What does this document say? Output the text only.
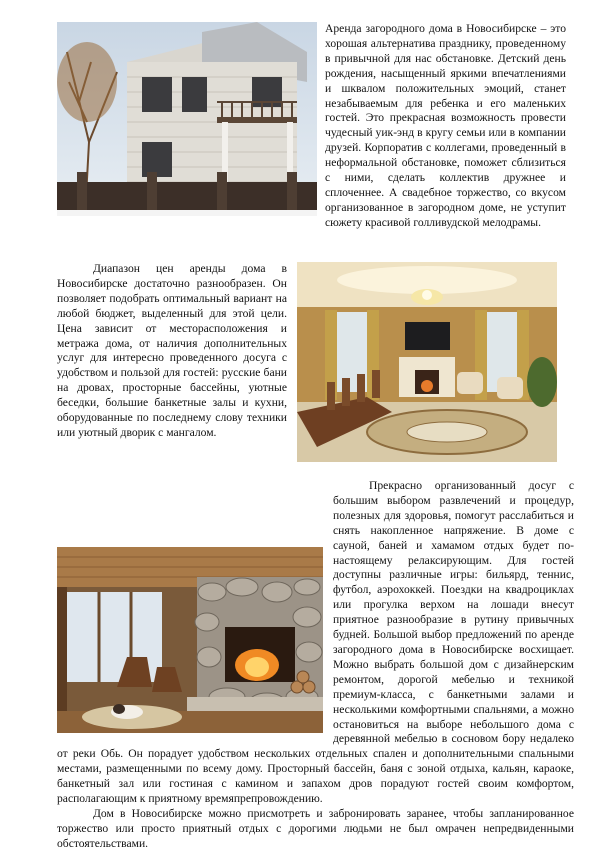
Аренда загородного дома в Новосибирске – это хорошая альтернатива празднику, проведенному в привычной для нас обстановке. Детский день рождения, насыщенный яркими впечатлениями и шквалом положительных эмоций, станет незабываемым для ребенка и его маленьких гостей. Это прекрасная возможность провести чудесный уик-энд в кругу семьи или в компании друзей. Корпоратив с коллегами, проведенный в неформальной обстановке, поможет сблизиться с ними, сделать коллектив дружнее и сплоченнее. А свадебное торжество, со вкусом организованное в загородном доме, не уступит сюжету красивой голливудской мелодрамы.

Диапазон цен аренды дома в Новосибирске достаточно разнообразен. Он позволяет подобрать оптимальный вариант на любой бюджет, выделенный для этой цели. Цена зависит от месторасположения и метража дома, от наличия дополнительных услуг для интересно проведенного досуга с удобством и пользой для гостей: русские бани на дровах, просторные бассейны, уютные беседки, большие банкетные залы и кухни, оборудованные по последнему слову техники или уютный дворик с мангалом.

Прекрасно организованный досуг с большим выбором развлечений и процедур, полезных для здоровья, помогут расслабиться и снять накопленное напряжение. В доме с сауной, баней и хамамом отдых будет по-настоящему релаксирующим. Для гостей доступны различные игры: бильярд, теннис, футбол, аэрохоккей. Поездки на квадроциклах или прогулка верхом на лошади внесут приятное разнообразие в рутину привычных будней. Большой выбор предложений по аренде загородного дома в Новосибирске восхищает. Можно выбрать большой дом с дизайнерским ремонтом, дорогой мебелью и техникой премиум-класса, с банкетными залами и несколькими комфортными спальнями, а можно остановиться на выборе небольшого дома с деревянной мебелью в сосновом бору недалеко от реки Обь. Он порадует удобством нескольких отдельных спален и дополнительными спальными местами, размещенными по всему дому. Просторный бассейн, баня с зоной отдыха, кальян, караоке, банкетный зал или гостиная с камином и запахом дров порадуют гостей своим комфортом, располагающим к приятному времяпрепровождению.

Дом в Новосибирске можно присмотреть и забронировать заранее, чтобы запланированное торжество или просто приятный отдых с дорогими людьми не был омрачен непредвиденными обстоятельствами.
